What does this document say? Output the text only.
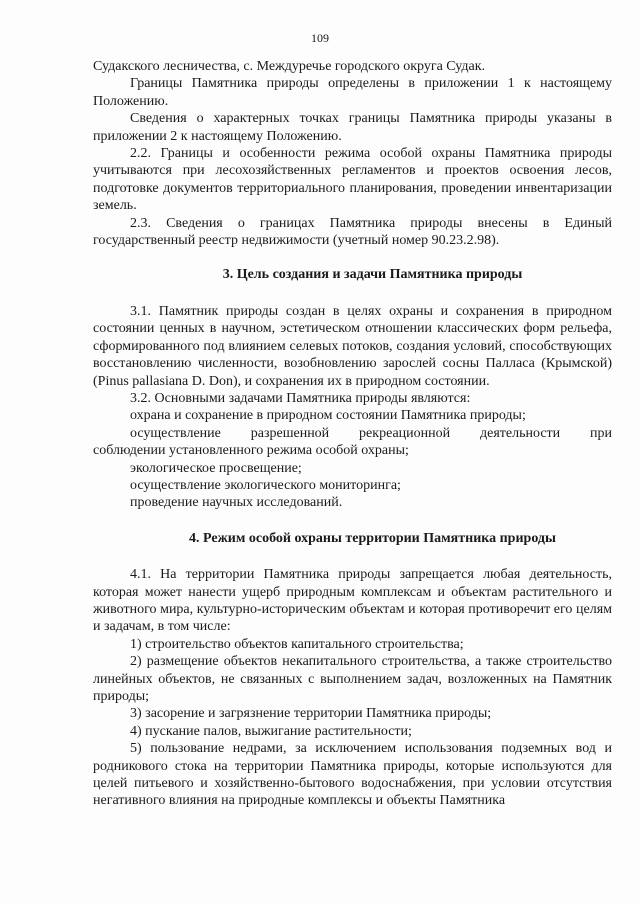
109

Судакского лесничества, с. Междуречье городского округа Судак.

Границы Памятника природы определены в приложении 1 к настоящему Положению.

Сведения о характерных точках границы Памятника природы указаны в приложении 2 к настоящему Положению.

2.2. Границы и особенности режима особой охраны Памятника природы учитываются при лесохозяйственных регламентов и проектов освоения лесов, подготовке документов территориального планирования, проведении инвентаризации земель.

2.3. Сведения о границах Памятника природы внесены в Единый государственный реестр недвижимости (учетный номер 90.23.2.98).

3. Цель создания и задачи Памятника природы

3.1. Памятник природы создан в целях охраны и сохранения в природном состоянии ценных в научном, эстетическом отношении классических форм рельефа, сформированного под влиянием селевых потоков, создания условий, способствующих восстановлению численности, возобновлению зарослей сосны Палласа (Крымской) (Pinus pallasiana D. Don), и сохранения их в природном состоянии.

3.2. Основными задачами Памятника природы являются:

охрана и сохранение в природном состоянии Памятника природы;

осуществление разрешенной рекреационной деятельности при

соблюдении установленного режима особой охраны;

экологическое просвещение;

осуществление экологического мониторинга;

проведение научных исследований.

4. Режим особой охраны территории Памятника природы

4.1. На территории Памятника природы запрещается любая деятельность, которая может нанести ущерб природным комплексам и объектам растительного и животного мира, культурно-историческим объектам и которая противоречит его целям и задачам, в том числе:

1) строительство объектов капитального строительства;

2) размещение объектов некапитального строительства, а также строительство линейных объектов, не связанных с выполнением задач, возложенных на Памятник природы;

3) засорение и загрязнение территории Памятника природы;

4) пускание палов, выжигание растительности;

5) пользование недрами, за исключением использования подземных вод и родникового стока на территории Памятника природы, которые используются для целей питьевого и хозяйственно-бытового водоснабжения, при условии отсутствия негативного влияния на природные комплексы и объекты Памятника
